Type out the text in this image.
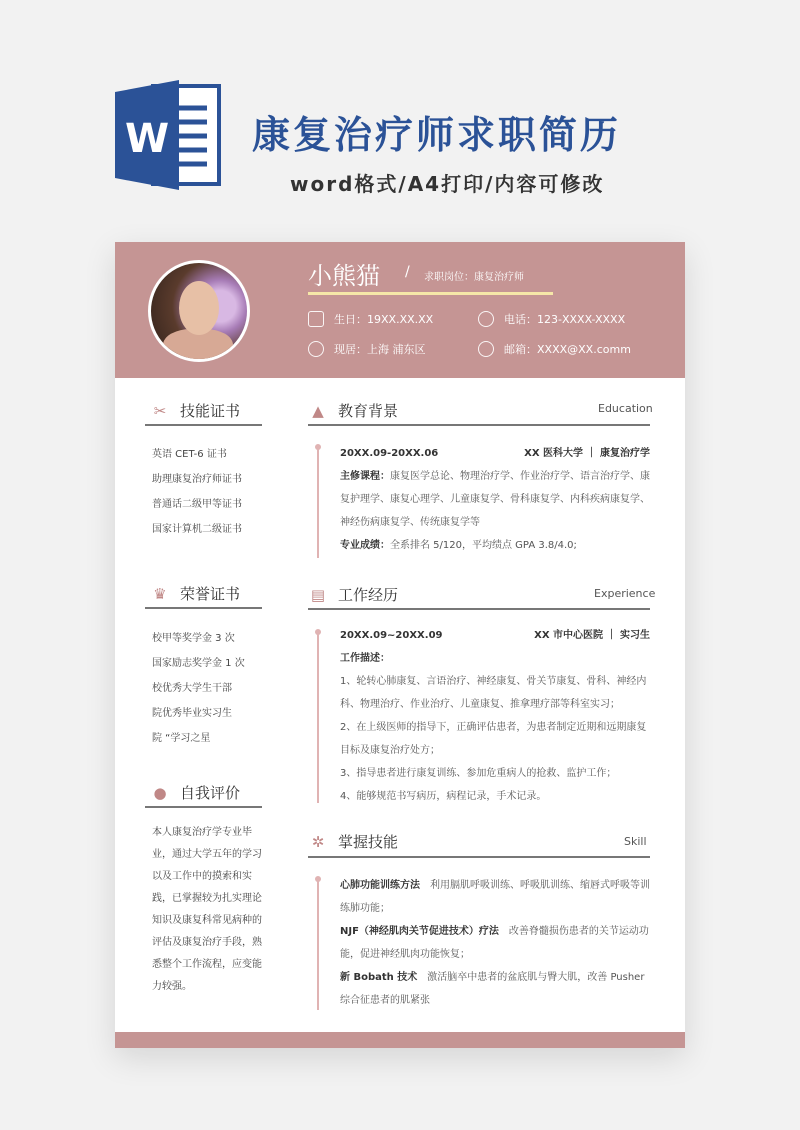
W 康复治疗师求职简历
word格式/A4打印/内容可修改
小熊猫 / 求职岗位：康复治疗师
生日：19XX.XX.XX	电话：123-XXXX-XXXX
现居：上海 浦东区	邮箱：XXXX@XX.comm
✂ 技能证书
英语 CET-6 证书
助理康复治疗师证书
普通话二级甲等证书
国家计算机二级证书
♛ 荣誉证书
校甲等奖学金 3 次
国家励志奖学金 1 次
校优秀大学生干部
院优秀毕业实习生
院 “学习之星
● 自我评价
本人康复治疗学专业毕业，通过大学五年的学习以及工作中的摸索和实践，已掌握较为扎实理论知识及康复科常见病种的评估及康复治疗手段，熟悉整个工作流程，应变能力较强。
▲ 教育背景	Education
20XX.09-20XX.06	XX 医科大学 ｜ 康复治疗学
主修课程：康复医学总论、物理治疗学、作业治疗学、语言治疗学、康复护理学、康复心理学、儿童康复学、骨科康复学、内科疾病康复学、神经伤病康复学、传统康复学等
专业成绩：全系排名 5/120，平均绩点 GPA 3.8/4.0;
▤ 工作经历	Experience
20XX.09~20XX.09	XX 市中心医院 ｜ 实习生
工作描述：
1、轮转心肺康复、言语治疗、神经康复、骨关节康复、骨科、神经内科、物理治疗、作业治疗、儿童康复、推拿理疗部等科室实习；
2、在上级医师的指导下，正确评估患者，为患者制定近期和远期康复目标及康复治疗处方；
3、指导患者进行康复训练、参加危重病人的抢救、监护工作；
4、能够规范书写病历，病程记录，手术记录。
✲ 掌握技能	Skill
心肺功能训练方法　 利用膈肌呼吸训练、呼吸肌训练、缩唇式呼吸等训练肺功能；
NJF（神经肌肉关节促进技术）疗法　 改善脊髓损伤患者的关节运动功能，促进神经肌肉功能恢复；
新 Bobath 技术　 激活脑卒中患者的盆底肌与臀大肌，改善 Pusher 综合征患者的肌紧张
